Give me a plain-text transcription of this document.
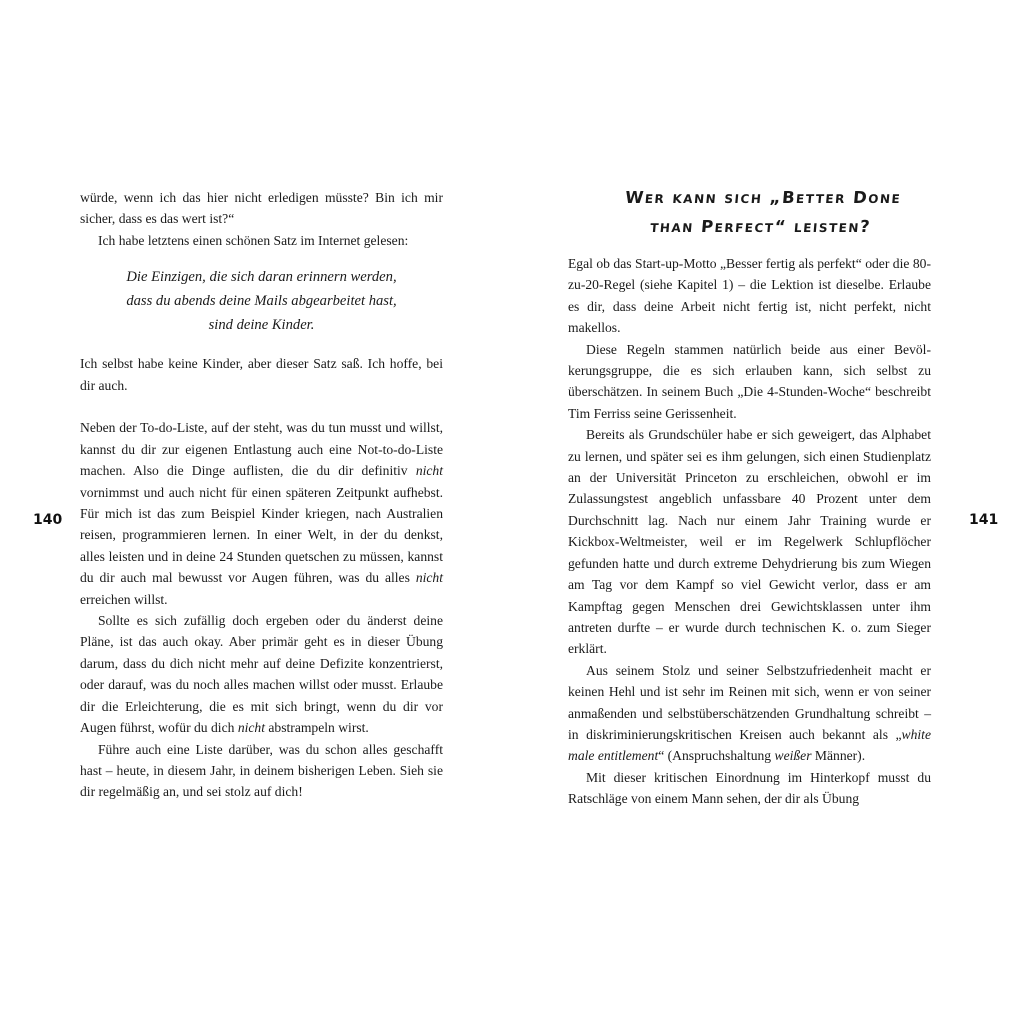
140

würde, wenn ich das hier nicht erledigen müsste? Bin ich mir sicher, dass es das wert ist?“

Ich habe letztens einen schönen Satz im Internet gelesen:

Die Einzigen, die sich daran erinnern werden,
dass du abends deine Mails abgearbeitet hast,
sind deine Kinder.

Ich selbst habe keine Kinder, aber dieser Satz saß. Ich hoffe, bei dir auch.

Neben der To-do-Liste, auf der steht, was du tun musst und willst, kannst du dir zur eigenen Entlastung auch eine Not-to-do-Liste machen. Also die Dinge auflisten, die du dir definitiv nicht vornimmst und auch nicht für einen späteren Zeitpunkt aufhebst. Für mich ist das zum Beispiel Kinder kriegen, nach Australien reisen, programmieren lernen. In einer Welt, in der du denkst, alles leisten und in deine 24 Stunden quetschen zu müssen, kannst du dir auch mal bewusst vor Augen führen, was du alles nicht erreichen willst.

Sollte es sich zufällig doch ergeben oder du änderst deine Pläne, ist das auch okay. Aber primär geht es in dieser Übung darum, dass du dich nicht mehr auf deine Defizite konzentrierst, oder darauf, was du noch alles machen willst oder musst. Erlaube dir die Erleichterung, die es mit sich bringt, wenn du dir vor Augen führst, wofür du dich nicht abstrampeln wirst.

Führe auch eine Liste darüber, was du schon alles geschafft hast – heute, in diesem Jahr, in deinem bisherigen Leben. Sieh sie dir regelmäßig an, und sei stolz auf dich!

Wer kann sich „Better Done
than Perfect“ leisten?

Egal ob das Start-up-Motto „Besser fertig als perfekt“ oder die 80-zu-20-Regel (siehe Kapitel 1) – die Lektion ist dieselbe. Erlaube es dir, dass deine Arbeit nicht fertig ist, nicht perfekt, nicht makellos.

Diese Regeln stammen natürlich beide aus einer Bevölkerungsgruppe, die es sich erlauben kann, sich selbst zu überschätzen. In seinem Buch „Die 4-Stunden-Woche“ beschreibt Tim Ferriss seine Gerissenheit.

Bereits als Grundschüler habe er sich geweigert, das Alphabet zu lernen, und später sei es ihm gelungen, sich einen Studienplatz an der Universität Princeton zu erschleichen, obwohl er im Zulassungstest angeblich unfassbare 40 Prozent unter dem Durchschnitt lag. Nach nur einem Jahr Training wurde er Kickbox-Weltmeister, weil er im Regelwerk Schlupflöcher gefunden hatte und durch extreme Dehydrierung bis zum Wiegen am Tag vor dem Kampf so viel Gewicht verlor, dass er am Kampftag gegen Menschen drei Gewichtsklassen unter ihm antreten durfte – er wurde durch technischen K. o. zum Sieger erklärt.

Aus seinem Stolz und seiner Selbstzufriedenheit macht er keinen Hehl und ist sehr im Reinen mit sich, wenn er von seiner anmaßenden und selbstüberschätzenden Grundhaltung schreibt – in diskriminierungskritischen Kreisen auch bekannt als „white male entitlement“ (Anspruchshaltung weißer Männer).

Mit dieser kritischen Einordnung im Hinterkopf musst du Ratschläge von einem Mann sehen, der dir als Übung

141
